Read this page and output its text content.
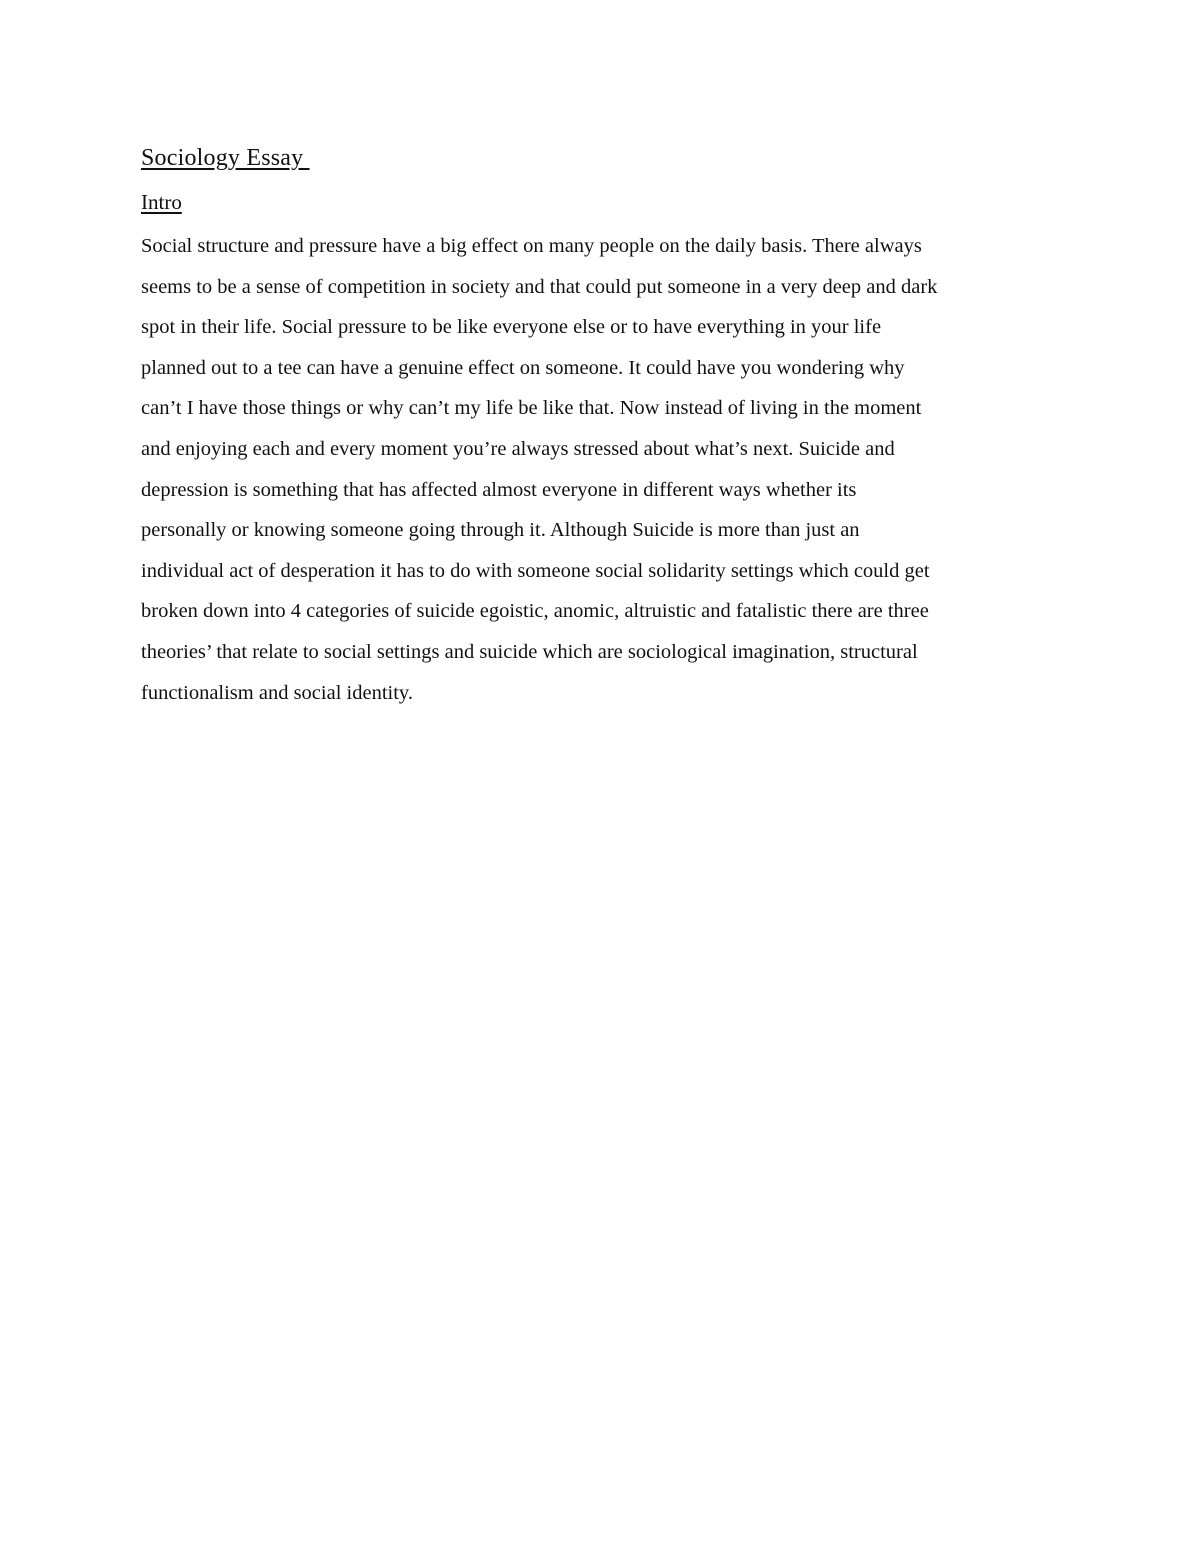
Sociology Essay
Intro

Social structure and pressure have a big effect on many people on the daily basis. There always
seems to be a sense of competition in society and that could put someone in a very deep and dark
spot in their life. Social pressure to be like everyone else or to have everything in your life
planned out to a tee can have a genuine effect on someone. It could have you wondering why
can’t I have those things or why can’t my life be like that. Now instead of living in the moment
and enjoying each and every moment you’re always stressed about what’s next. Suicide and
depression is something that has affected almost everyone in different ways whether its
personally or knowing someone going through it. Although Suicide is more than just an
individual act of desperation it has to do with someone social solidarity settings which could get
broken down into 4 categories of suicide egoistic, anomic, altruistic and fatalistic there are three
theories’ that relate to social settings and suicide which are sociological imagination, structural
functionalism and social identity.
